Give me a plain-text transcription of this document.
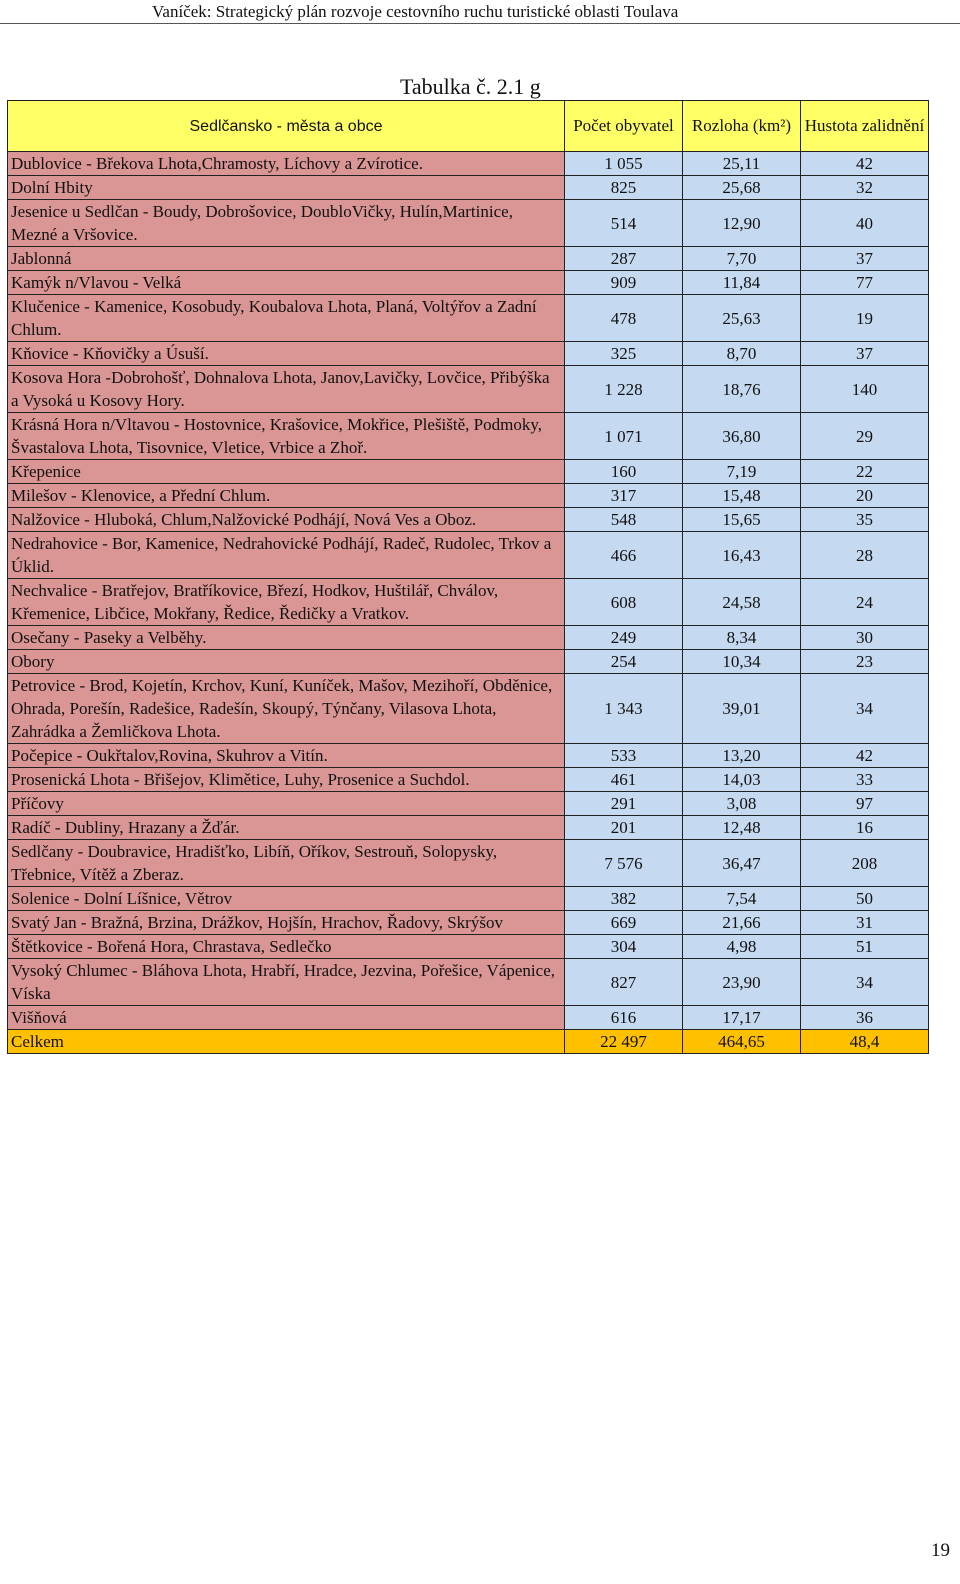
Vaníček: Strategický plán rozvoje cestovního ruchu turistické oblasti Toulava
Tabulka č. 2.1 g
Sedlčansko - města a obce	Počet obyvatel	Rozloha (km²)	Hustota zalidnění
Dublovice - Břekova Lhota,Chramosty, Líchovy a Zvírotice.	1 055	25,11	42
Dolní Hbity	825	25,68	32
Jesenice u Sedlčan - Boudy, Dobrošovice, DoubloVičky, Hulín,Martinice, Mezné a Vršovice.	514	12,90	40
Jablonná	287	7,70	37
Kamýk n/Vlavou - Velká	909	11,84	77
Klučenice - Kamenice, Kosobudy, Koubalova Lhota, Planá, Voltýřov a Zadní Chlum.	478	25,63	19
Kňovice - Kňovičky a Úsuší.	325	8,70	37
Kosova Hora -Dobrohošť, Dohnalova Lhota, Janov,Lavičky, Lovčice, Přibýška a Vysoká u Kosovy Hory.	1 228	18,76	140
Krásná Hora n/Vltavou - Hostovnice, Krašovice, Mokřice, Plešiště, Podmoky, Švastalova Lhota, Tisovnice, Vletice, Vrbice a Zhoř.	1 071	36,80	29
Křepenice	160	7,19	22
Milešov - Klenovice, a Přední Chlum.	317	15,48	20
Nalžovice - Hluboká, Chlum,Nalžovické Podhájí, Nová Ves a Oboz.	548	15,65	35
Nedrahovice - Bor, Kamenice, Nedrahovické Podhájí, Radeč, Rudolec, Trkov a Úklid.	466	16,43	28
Nechvalice - Bratřejov, Bratříkovice, Březí, Hodkov, Huštilář, Chválov, Křemenice, Libčice, Mokřany, Ředice, Ředičky a Vratkov.	608	24,58	24
Osečany - Paseky a Velběhy.	249	8,34	30
Obory	254	10,34	23
Petrovice - Brod, Kojetín, Krchov, Kuní, Kuníček, Mašov, Mezihoří, Obděnice, Ohrada, Porešín, Radešice, Radešín, Skoupý, Týnčany, Vilasova Lhota, Zahrádka a Žemličkova Lhota.	1 343	39,01	34
Počepice - Oukřtalov,Rovina, Skuhrov a Vitín.	533	13,20	42
Prosenická Lhota - Břišejov, Klimětice, Luhy, Prosenice a Suchdol.	461	14,03	33
Příčovy	291	3,08	97
Radíč - Dubliny, Hrazany a Žďár.	201	12,48	16
Sedlčany - Doubravice, Hradišťko, Libíň, Oříkov, Sestrouň, Solopysky, Třebnice, Vítěž a Zberaz.	7 576	36,47	208
Solenice - Dolní Líšnice, Větrov	382	7,54	50
Svatý Jan - Bražná, Brzina, Drážkov, Hojšín, Hrachov, Řadovy, Skrýšov	669	21,66	31
Štětkovice - Bořená Hora, Chrastava, Sedlečko	304	4,98	51
Vysoký Chlumec - Bláhova Lhota, Hrabří, Hradce, Jezvina, Pořešice, Vápenice, Víska	827	23,90	34
Višňová	616	17,17	36
Celkem	22 497	464,65	48,4
19
